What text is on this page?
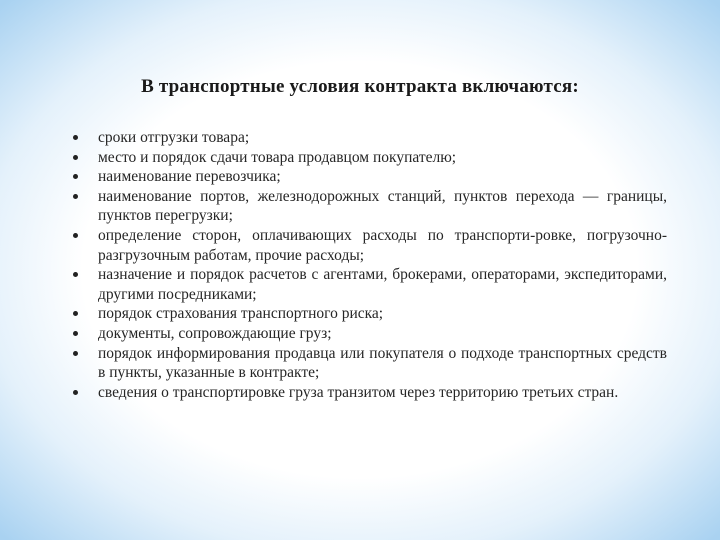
В транспортные условия контракта включаются:
сроки отгрузки товара;
место и порядок сдачи товара продавцом покупателю;
наименование перевозчика;
наименование портов, железнодорожных станций, пунктов перехода — границы, пунктов перегрузки;
определение сторон, оплачивающих расходы по транспорти-ровке, погрузочно-разгрузочным работам, прочие расходы;
назначение и порядок расчетов с агентами, брокерами, операторами, экспедиторами, другими посредниками;
порядок страхования транспортного риска;
документы, сопровождающие груз;
порядок информирования продавца или покупателя о подходе транспортных средств в пункты, указанные в контракте;
сведения о транспортировке груза транзитом через территорию третьих стран.
